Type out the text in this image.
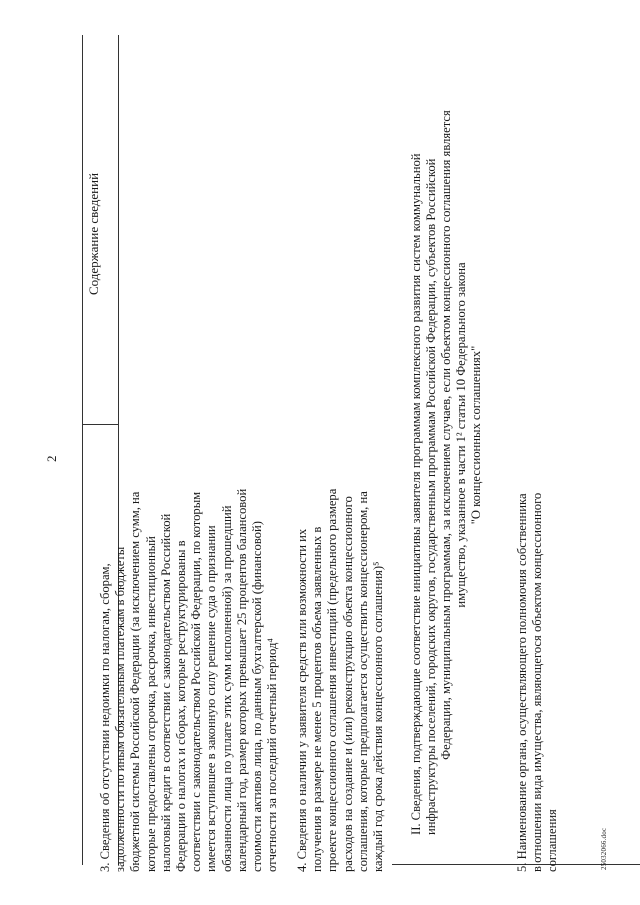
2
Содержание сведений
3. Сведения об отсутствии недоимки по налогам, сборам,
задолженности по иным обязательным платежам в бюджеты
бюджетной системы Российской Федерации (за исключением сумм, на
которые предоставлены отсрочка, рассрочка, инвестиционный
налоговый кредит в соответствии с законодательством Российской
Федерации о налогах и сборах, которые реструктурированы в
соответствии с законодательством Российской Федерации, по которым
имеется вступившее в законную силу решение суда о признании
обязанности лица по уплате этих сумм исполненной) за прошедший
календарный год, размер которых превышает 25 процентов балансовой
стоимости активов лица, по данным бухгалтерской (финансовой)
отчетности за последний отчетный период⁴
4. Сведения о наличии у заявителя средств или возможности их
получения в размере не менее 5 процентов объема заявленных в
проекте концессионного соглашения инвестиций (предельного размера
расходов на создание и (или) реконструкцию объекта концессионного
соглашения, которые предполагается осуществить концессионером, на
каждый год срока действия концессионного соглашения)⁵ II. Сведения, подтверждающие соответствие инициативы заявителя программам комплексного развития систем коммунальной инфраструктуры поселений, городских округов, государственным программам Российской Федерации, субъектов Российской Федерации, муниципальным программам, за исключением случаев, если объектом концессионного соглашения является имущество, указанное в части 1² статьи 10 Федерального закона "О концессионных соглашениях"
5. Наименование органа, осуществляющего полномочия собственника
в отношении вида имущества, являющегося объектом концессионного
соглашения	25032066.doc
